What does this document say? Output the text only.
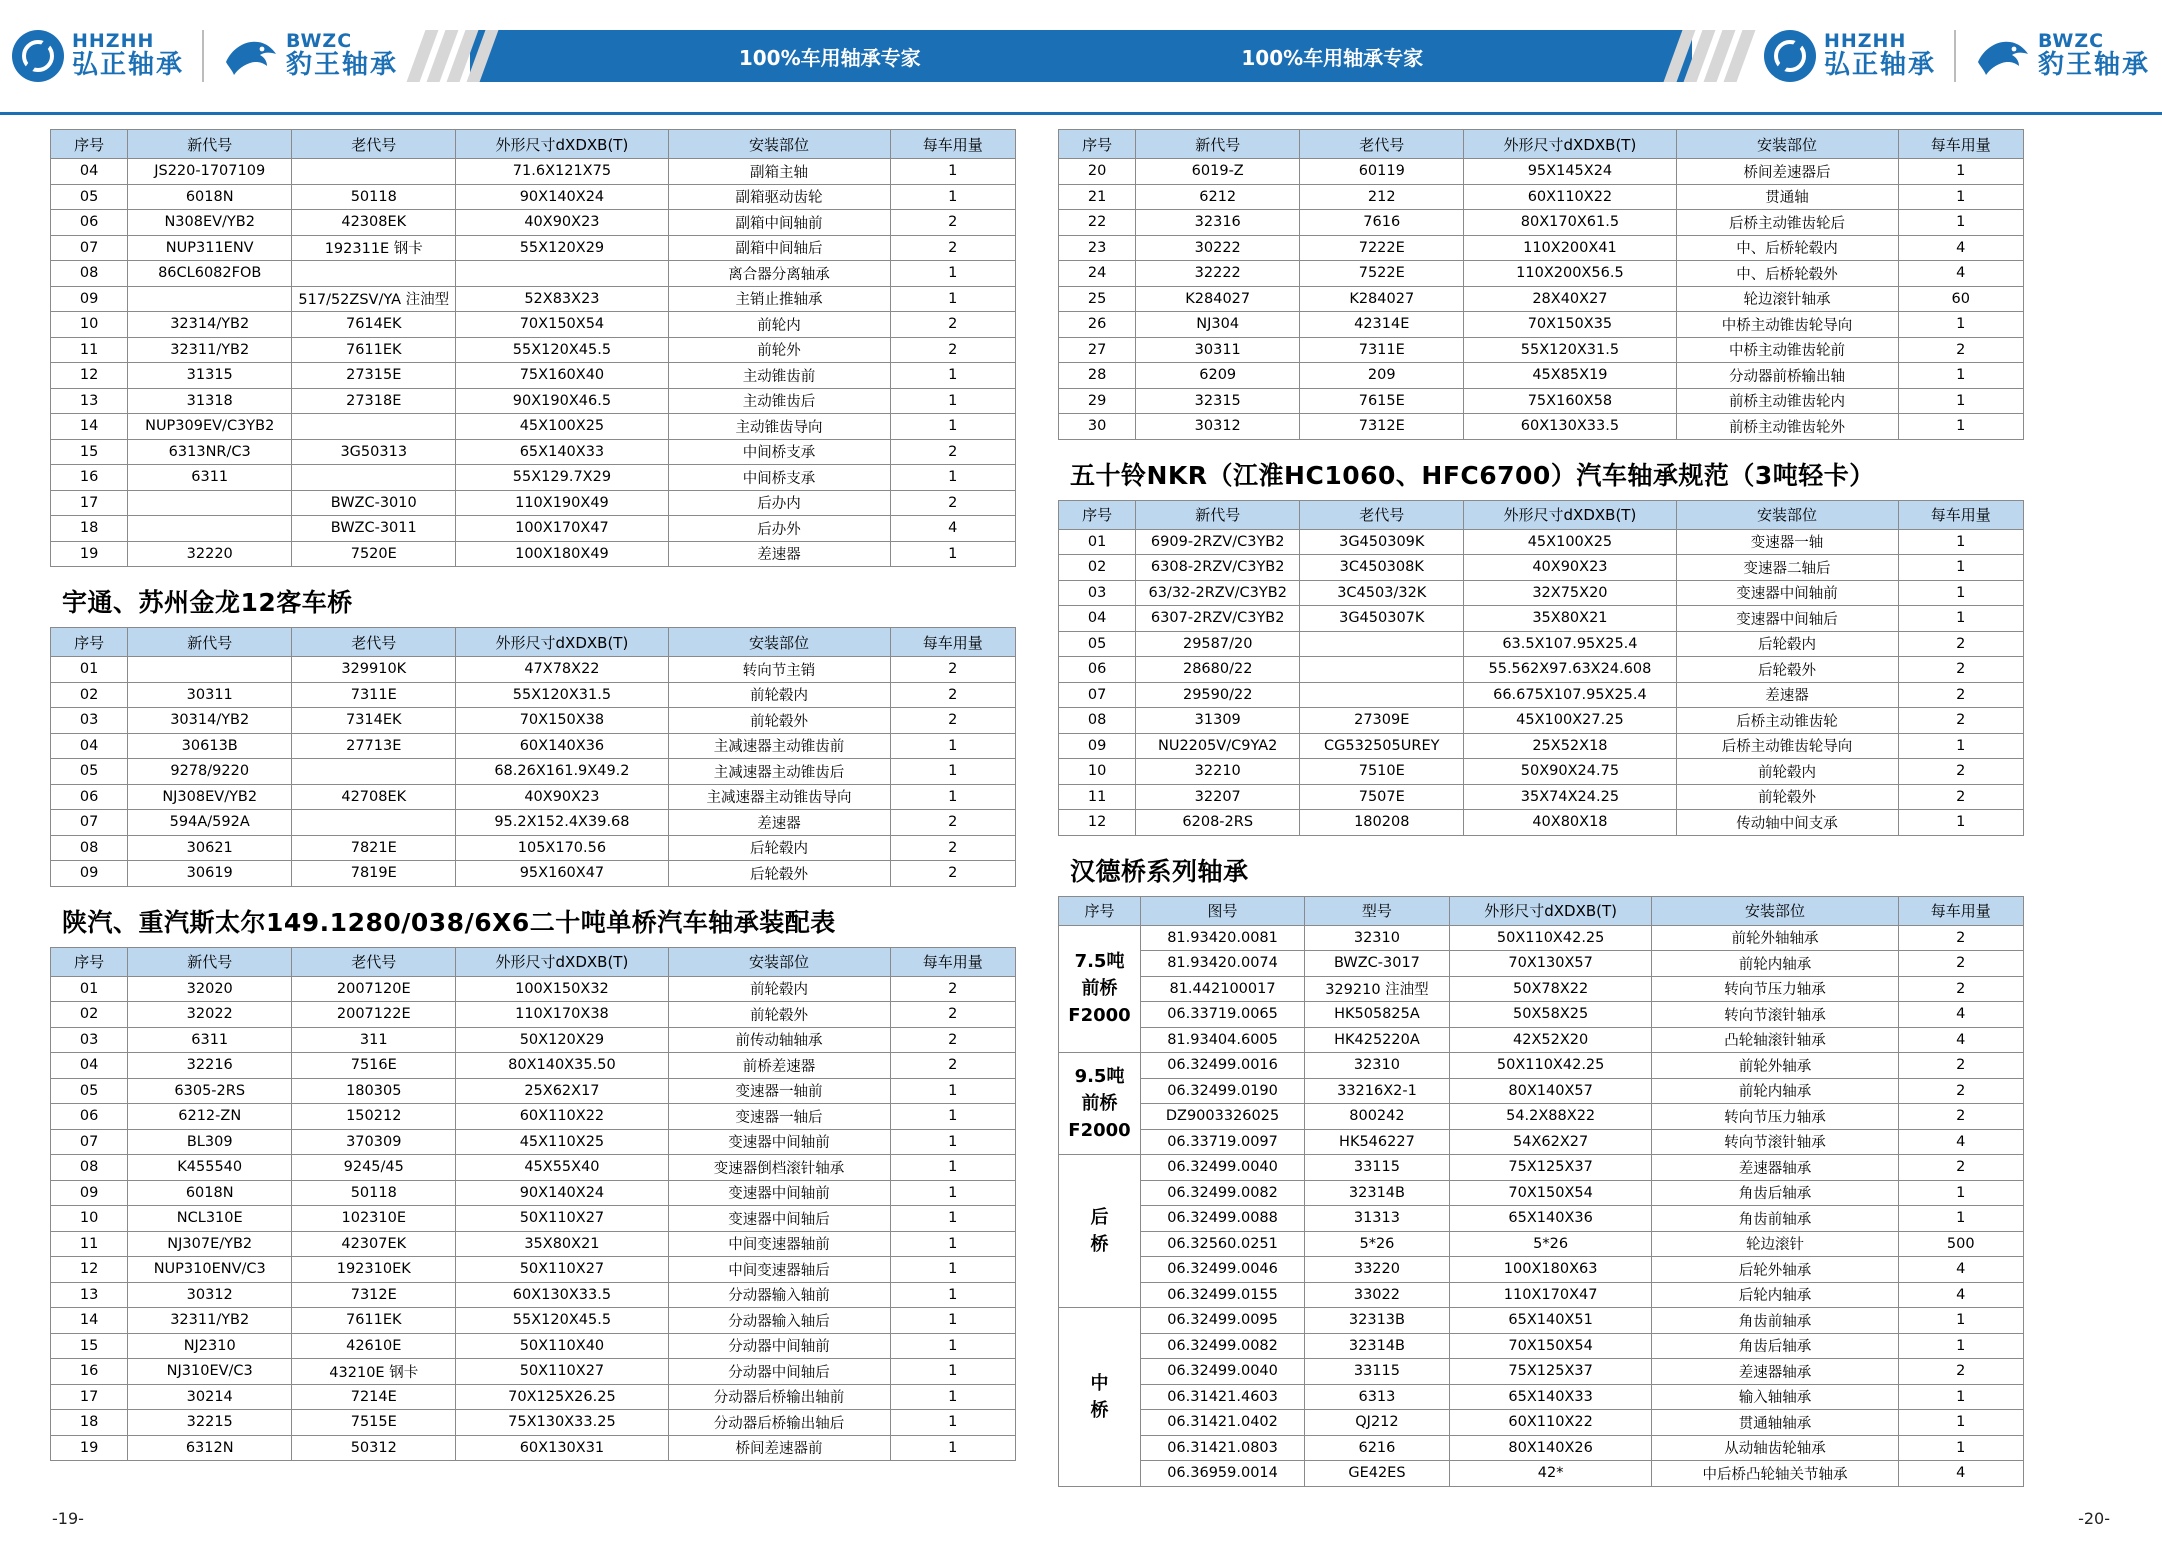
HHZHH
弘正轴承
BWZC
豹王轴承	100%车用轴承专家	100%车用轴承专家
HHZHH
弘正轴承
BWZC
豹王轴承
序号	新代号	老代号	外形尺寸dXDXB(T)	安装部位	每车用量
04	JS220-1707109		71.6X121X75	副箱主轴	1
05	6018N	50118	90X140X24	副箱驱动齿轮	1
06	N308EV/YB2	42308EK	40X90X23	副箱中间轴前	2
07	NUP311ENV	192311E 钢卡	55X120X29	副箱中间轴后	2
08	86CL6082FOB			离合器分离轴承	1
09		517/52ZSV/YA 注油型	52X83X23	主销止推轴承	1
10	32314/YB2	7614EK	70X150X54	前轮内	2
11	32311/YB2	7611EK	55X120X45.5	前轮外	2
12	31315	27315E	75X160X40	主动锥齿前	1
13	31318	27318E	90X190X46.5	主动锥齿后	1
14	NUP309EV/C3YB2		45X100X25	主动锥齿导向	1
15	6313NR/C3	3G50313	65X140X33	中间桥支承	2
16	6311		55X129.7X29	中间桥支承	1
17		BWZC-3010	110X190X49	后办内	2
18		BWZC-3011	100X170X47	后办外	4
19	32220	7520E	100X180X49	差速器	1
宇通、苏州金龙12客车桥
序号	新代号	老代号	外形尺寸dXDXB(T)	安装部位	每车用量
01		329910K	47X78X22	转向节主销	2
02	30311	7311E	55X120X31.5	前轮毂内	2
03	30314/YB2	7314EK	70X150X38	前轮毂外	2
04	30613B	27713E	60X140X36	主减速器主动锥齿前	1
05	9278/9220		68.26X161.9X49.2	主减速器主动锥齿后	1
06	NJ308EV/YB2	42708EK	40X90X23	主减速器主动锥齿导向	1
07	594A/592A		95.2X152.4X39.68	差速器	2
08	30621	7821E	105X170.56	后轮毂内	2
09	30619	7819E	95X160X47	后轮毂外	2
陕汽、重汽斯太尔149.1280/038/6X6二十吨单桥汽车轴承装配表
序号	新代号	老代号	外形尺寸dXDXB(T)	安装部位	每车用量
01	32020	2007120E	100X150X32	前轮毂内	2
02	32022	2007122E	110X170X38	前轮毂外	2
03	6311	311	50X120X29	前传动轴轴承	2
04	32216	7516E	80X140X35.50	前桥差速器	2
05	6305-2RS	180305	25X62X17	变速器一轴前	1
06	6212-ZN	150212	60X110X22	变速器一轴后	1
07	BL309	370309	45X110X25	变速器中间轴前	1
08	K455540	9245/45	45X55X40	变速器倒档滚针轴承	1
09	6018N	50118	90X140X24	变速器中间轴前	1
10	NCL310E	102310E	50X110X27	变速器中间轴后	1
11	NJ307E/YB2	42307EK	35X80X21	中间变速器轴前	1
12	NUP310ENV/C3	192310EK	50X110X27	中间变速器轴后	1
13	30312	7312E	60X130X33.5	分动器输入轴前	1
14	32311/YB2	7611EK	55X120X45.5	分动器输入轴后	1
15	NJ2310	42610E	50X110X40	分动器中间轴前	1
16	NJ310EV/C3	43210E 钢卡	50X110X27	分动器中间轴后	1
17	30214	7214E	70X125X26.25	分动器后桥输出轴前	1
18	32215	7515E	75X130X33.25	分动器后桥输出轴后	1
19	6312N	50312	60X130X31	桥间差速器前	1
序号	新代号	老代号	外形尺寸dXDXB(T)	安装部位	每车用量
20	6019-Z	60119	95X145X24	桥间差速器后	1
21	6212	212	60X110X22	贯通轴	1
22	32316	7616	80X170X61.5	后桥主动锥齿轮后	1
23	30222	7222E	110X200X41	中、后桥轮毂内	4
24	32222	7522E	110X200X56.5	中、后桥轮毂外	4
25	K284027	K284027	28X40X27	轮边滚针轴承	60
26	NJ304	42314E	70X150X35	中桥主动锥齿轮导向	1
27	30311	7311E	55X120X31.5	中桥主动锥齿轮前	2
28	6209	209	45X85X19	分动器前桥输出轴	1
29	32315	7615E	75X160X58	前桥主动锥齿轮内	1
30	30312	7312E	60X130X33.5	前桥主动锥齿轮外	1
五十铃NKR（江淮HC1060、HFC6700）汽车轴承规范（3吨轻卡）
序号	新代号	老代号	外形尺寸dXDXB(T)	安装部位	每车用量
01	6909-2RZV/C3YB2	3G450309K	45X100X25	变速器一轴	1
02	6308-2RZV/C3YB2	3C450308K	40X90X23	变速器二轴后	1
03	63/32-2RZV/C3YB2	3C4503/32K	32X75X20	变速器中间轴前	1
04	6307-2RZV/C3YB2	3G450307K	35X80X21	变速器中间轴后	1
05	29587/20		63.5X107.95X25.4	后轮毂内	2
06	28680/22		55.562X97.63X24.608	后轮毂外	2
07	29590/22		66.675X107.95X25.4	差速器	2
08	31309	27309E	45X100X27.25	后桥主动锥齿轮	2
09	NU2205V/C9YA2	CG532505UREY	25X52X18	后桥主动锥齿轮导向	1
10	32210	7510E	50X90X24.75	前轮毂内	2
11	32207	7507E	35X74X24.25	前轮毂外	2
12	6208-2RS	180208	40X80X18	传动轴中间支承	1
汉德桥系列轴承
序号	图号	型号	外形尺寸dXDXB(T)	安装部位	每车用量
7.5吨
前桥
F2000	81.93420.0081	32310	50X110X42.25	前轮外轴轴承	2
	81.93420.0074	BWZC-3017	70X130X57	前轮内轴承	2
	81.442100017	329210 注油型	50X78X22	转向节压力轴承	2
	06.33719.0065	HK505825A	50X58X25	转向节滚针轴承	4
	81.93404.6005	HK425220A	42X52X20	凸轮轴滚针轴承	4
9.5吨
前桥
F2000	06.32499.0016	32310	50X110X42.25	前轮外轴承	2
	06.32499.0190	33216X2-1	80X140X57	前轮内轴承	2
	DZ9003326025	800242	54.2X88X22	转向节压力轴承	2
	06.33719.0097	HK546227	54X62X27	转向节滚针轴承	4
后
桥	06.32499.0040	33115	75X125X37	差速器轴承	2
	06.32499.0082	32314B	70X150X54	角齿后轴承	1
	06.32499.0088	31313	65X140X36	角齿前轴承	1
	06.32560.0251	5*26	5*26	轮边滚针	500
	06.32499.0046	33220	100X180X63	后轮外轴承	4
	06.32499.0155	33022	110X170X47	后轮内轴承	4
中
桥	06.32499.0095	32313B	65X140X51	角齿前轴承	1
	06.32499.0082	32314B	70X150X54	角齿后轴承	1
	06.32499.0040	33115	75X125X37	差速器轴承	2
	06.31421.4603	6313	65X140X33	输入轴轴承	1
	06.31421.0402	QJ212	60X110X22	贯通轴轴承	1
	06.31421.0803	6216	80X140X26	从动轴齿轮轴承	1
	06.36959.0014	GE42ES	42*	中后桥凸轮轴关节轴承	4
-19-	-20-
